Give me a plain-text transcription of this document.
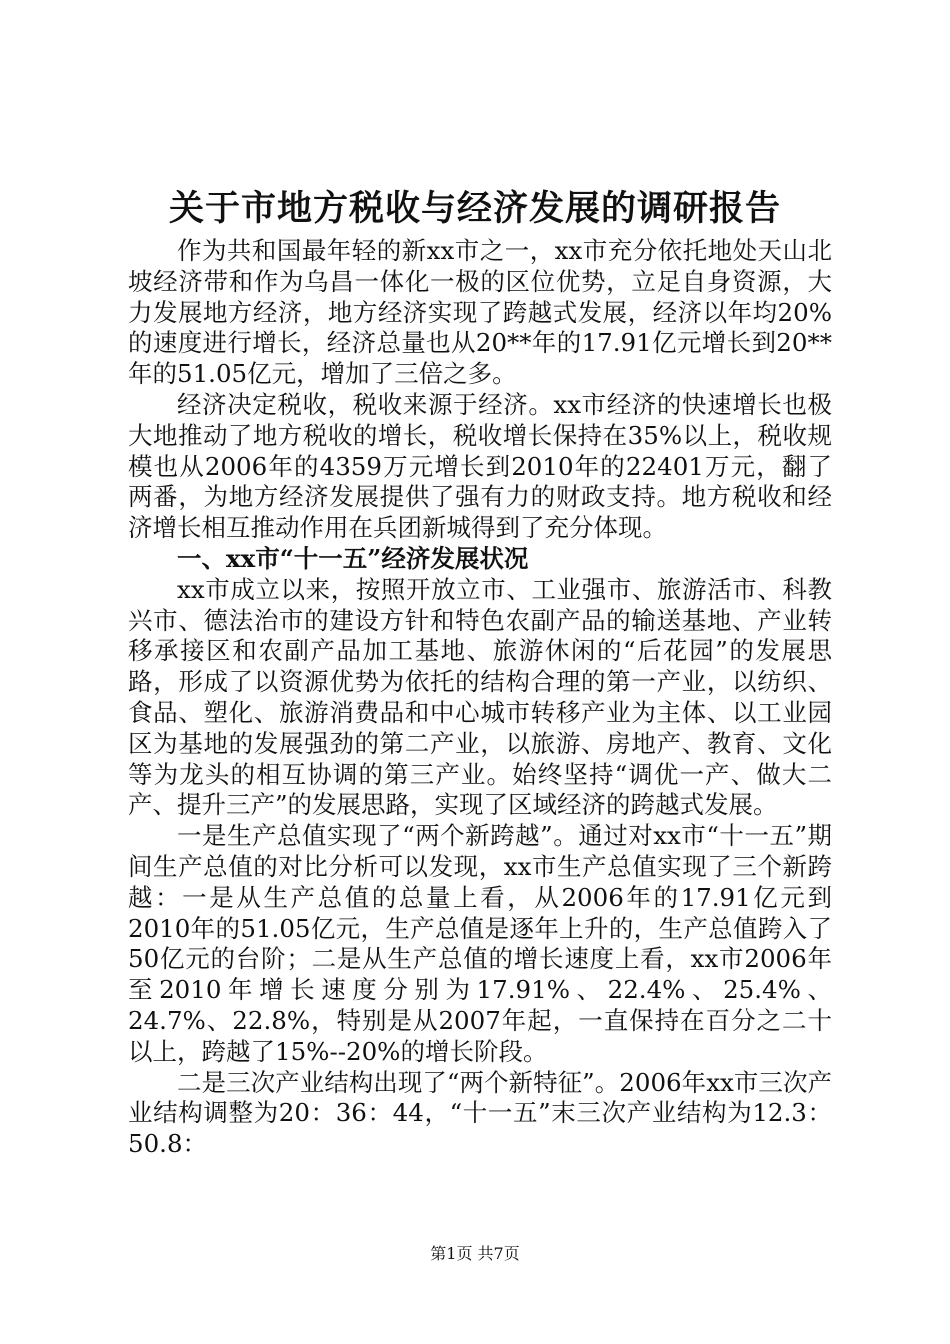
关于市地方税收与经济发展的调研报告

作为共和国最年轻的新xx市之一，xx市充分依托地处天山北坡经济带和作为乌昌一体化一极的区位优势，立足自身资源，大力发展地方经济，地方经济实现了跨越式发展，经济以年均20%的速度进行增长，经济总量也从20**年的17.91亿元增长到20**年的51.05亿元，增加了三倍之多。

经济决定税收，税收来源于经济。xx市经济的快速增长也极大地推动了地方税收的增长，税收增长保持在35%以上，税收规模也从2006年的4359万元增长到2010年的22401万元，翻了两番，为地方经济发展提供了强有力的财政支持。地方税收和经济增长相互推动作用在兵团新城得到了充分体现。

一、xx市“十一五”经济发展状况

xx市成立以来，按照开放立市、工业强市、旅游活市、科教兴市、德法治市的建设方针和特色农副产品的输送基地、产业转移承接区和农副产品加工基地、旅游休闲的“后花园”的发展思路，形成了以资源优势为依托的结构合理的第一产业，以纺织、食品、塑化、旅游消费品和中心城市转移产业为主体、以工业园区为基地的发展强劲的第二产业，以旅游、房地产、教育、文化等为龙头的相互协调的第三产业。始终坚持“调优一产、做大二产、提升三产”的发展思路，实现了区域经济的跨越式发展。

一是生产总值实现了“两个新跨越”。通过对xx市“十一五”期间生产总值的对比分析可以发现，xx市生产总值实现了三个新跨越：一是从生产总值的总量上看，从2006年的17.91亿元到2010年的51.05亿元，生产总值是逐年上升的，生产总值跨入了50亿元的台阶；二是从生产总值的增长速度上看，xx市2006年至2010年增长速度分别为17.91%、22.4%、25.4%、24.7%、22.8%，特别是从2007年起，一直保持在百分之二十以上，跨越了15%--20%的增长阶段。

二是三次产业结构出现了“两个新特征”。2006年xx市三次产业结构调整为20：36：44，“十一五”末三次产业结构为12.3：50.8：

第1页 共7页
